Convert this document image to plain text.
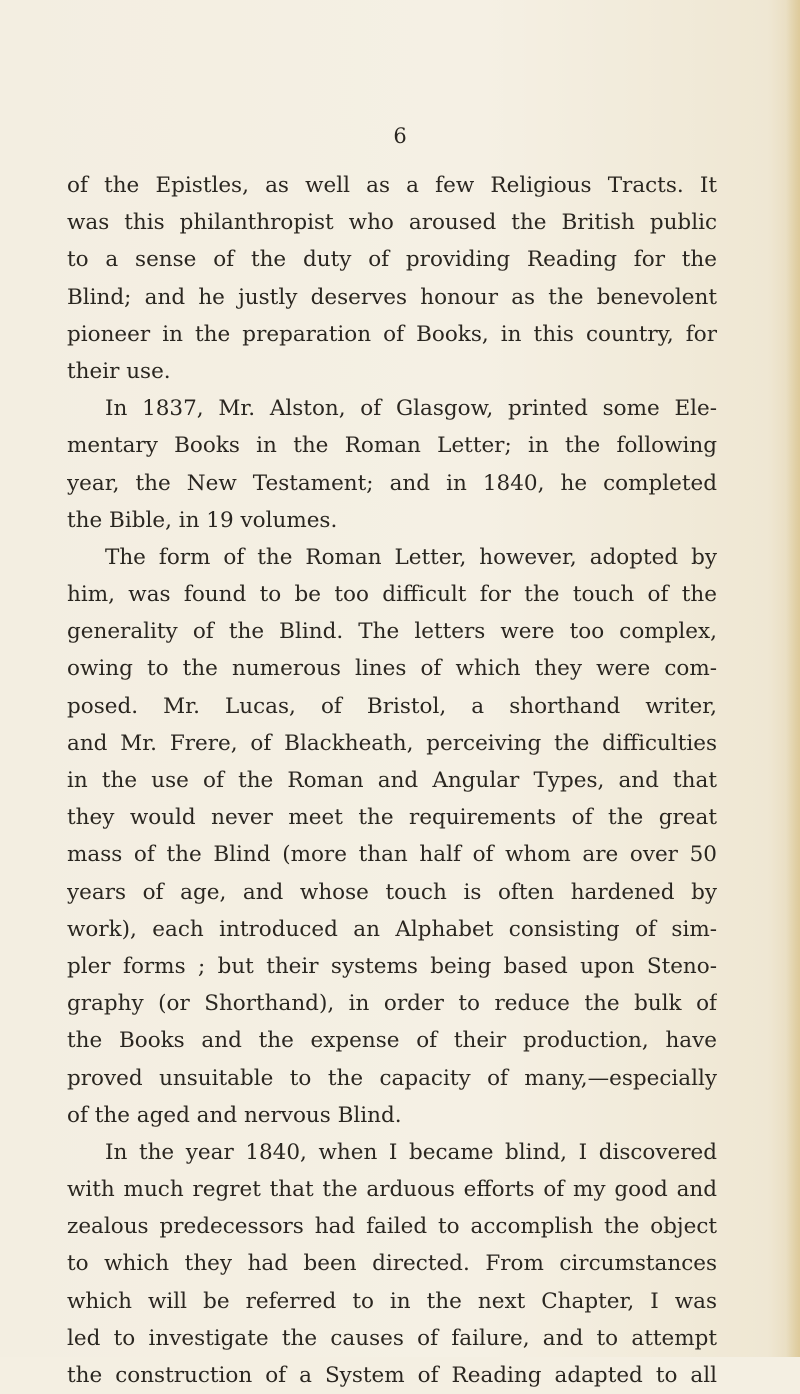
6
of the Epistles, as well as a few Religious Tracts. It
was this philanthropist who aroused the British public
to a sense of the duty of providing Reading for the
Blind; and he justly deserves honour as the benevolent
pioneer in the preparation of Books, in this country, for
their use.
In 1837, Mr. Alston, of Glasgow, printed some Ele-
mentary Books in the Roman Letter; in the following
year, the New Testament; and in 1840, he completed
the Bible, in 19 volumes.
The form of the Roman Letter, however, adopted by
him, was found to be too difficult for the touch of the
generality of the Blind. The letters were too complex,
owing to the numerous lines of which they were com-
posed. Mr. Lucas, of Bristol, a shorthand writer,
and Mr. Frere, of Blackheath, perceiving the difficulties
in the use of the Roman and Angular Types, and that
they would never meet the requirements of the great
mass of the Blind (more than half of whom are over 50
years of age, and whose touch is often hardened by
work), each introduced an Alphabet consisting of sim-
pler forms ; but their systems being based upon Steno-
graphy (or Shorthand), in order to reduce the bulk of
the Books and the expense of their production, have
proved unsuitable to the capacity of many,—especially
of the aged and nervous Blind.
In the year 1840, when I became blind, I discovered
with much regret that the arduous efforts of my good and
zealous predecessors had failed to accomplish the object
to which they had been directed. From circumstances
which will be referred to in the next Chapter, I was
led to investigate the causes of failure, and to attempt
the construction of a System of Reading adapted to all
